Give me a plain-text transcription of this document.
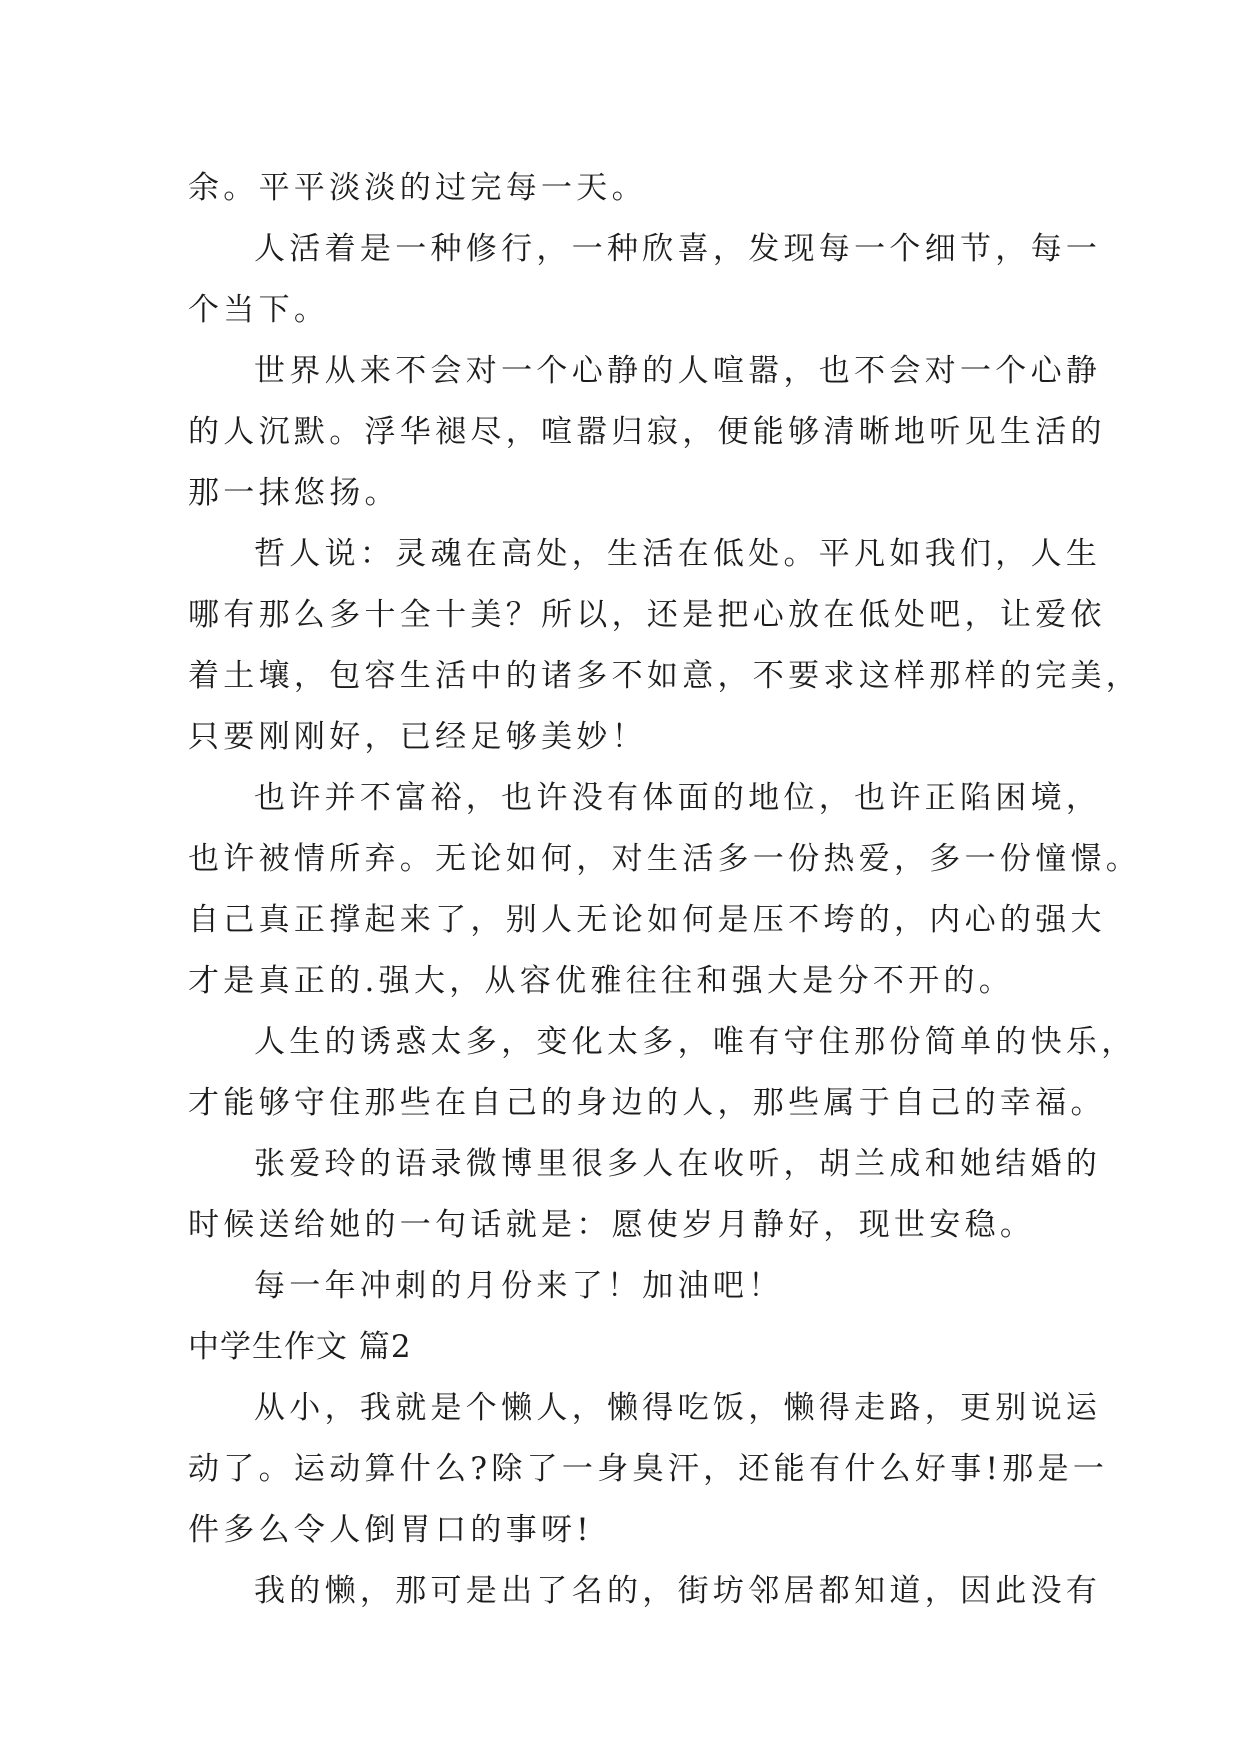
余。平平淡淡的过完每一天。
人活着是一种修行，一种欣喜，发现每一个细节，每一
个当下。
世界从来不会对一个心静的人喧嚣，也不会对一个心静
的人沉默。浮华褪尽，喧嚣归寂，便能够清晰地听见生活的
那一抹悠扬。
哲人说：灵魂在高处，生活在低处。平凡如我们，人生
哪有那么多十全十美？所以，还是把心放在低处吧，让爱依
着土壤，包容生活中的诸多不如意，不要求这样那样的完美，
只要刚刚好，已经足够美妙！
也许并不富裕，也许没有体面的地位，也许正陷困境，
也许被情所弃。无论如何，对生活多一份热爱，多一份憧憬。
自己真正撑起来了，别人无论如何是压不垮的，内心的强大
才是真正的.强大，从容优雅往往和强大是分不开的。
人生的诱惑太多，变化太多，唯有守住那份简单的快乐，
才能够守住那些在自己的身边的人，那些属于自己的幸福。
张爱玲的语录微博里很多人在收听，胡兰成和她结婚的
时候送给她的一句话就是：愿使岁月静好，现世安稳。
每一年冲刺的月份来了！加油吧！
中学生作文 篇2
从小，我就是个懒人，懒得吃饭，懒得走路，更别说运
动了。运动算什么?除了一身臭汗，还能有什么好事!那是一
件多么令人倒胃口的事呀!
我的懒，那可是出了名的，街坊邻居都知道，因此没有
